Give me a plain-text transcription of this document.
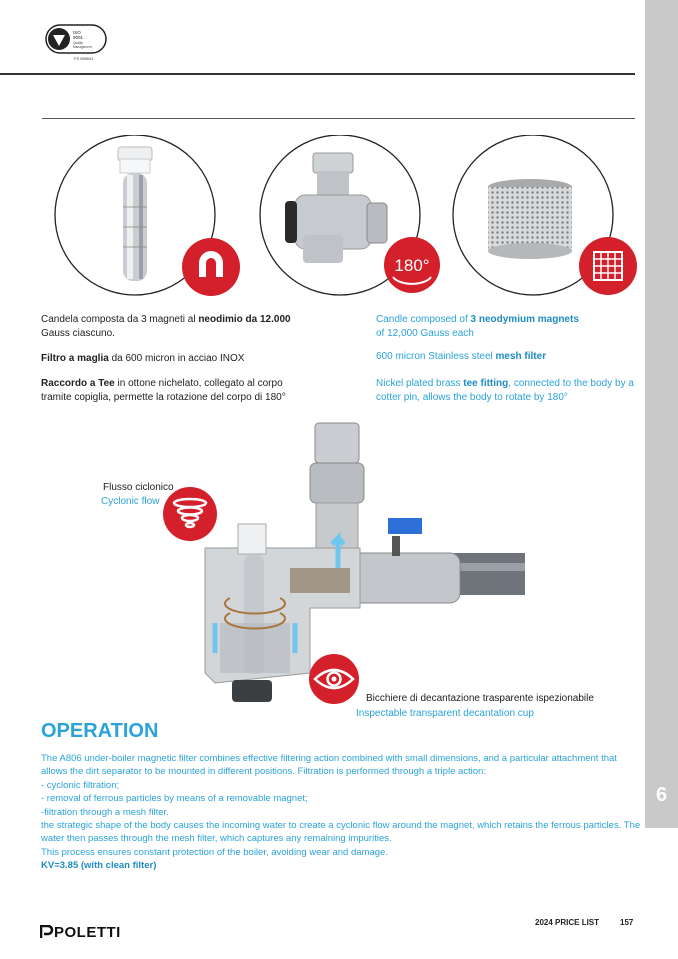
6
ISO
9001
Quality
Management
FS 559631
180°
Candela composta da 3 magneti al neodimio da 12.000
Gauss ciascuno.
Filtro a maglia da 600 micron in acciao INOX
Raccordo a Tee in ottone nichelato, collegato al corpo tramite copiglia, permette la rotazione del corpo di 180°
Candle composed of 3 neodymium magnets
of 12,000 Gauss each
600 micron Stainless steel mesh filter
Nickel plated brass tee fitting, connected to the body by a cotter pin, allows the body to rotate by 180°
Flusso ciclonico
Cyclonic flow
Bicchiere di decantazione trasparente ispezionabile
Inspectable transparent decantation cup
OPERATION
The A806 under-boiler magnetic filter combines effective filtering action combined with small dimensions, and a particular attachment that allows the dirt separator to be mounted in different positions. Filtration is performed through a triple action:
- cyclonic filtration;
- removal of ferrous particles by means of a removable magnet;
-filtration through a mesh filter.
the strategic shape of the body causes the incoming water to create a cyclonic flow around the magnet, which retains the ferrous particles. The water then passes through the mesh filter, which captures any remaining impurities.
This process ensures constant protection of the boiler, avoiding wear and damage.
KV=3.85 (with clean filter)
POLETTI
2024 PRICE LIST	157
